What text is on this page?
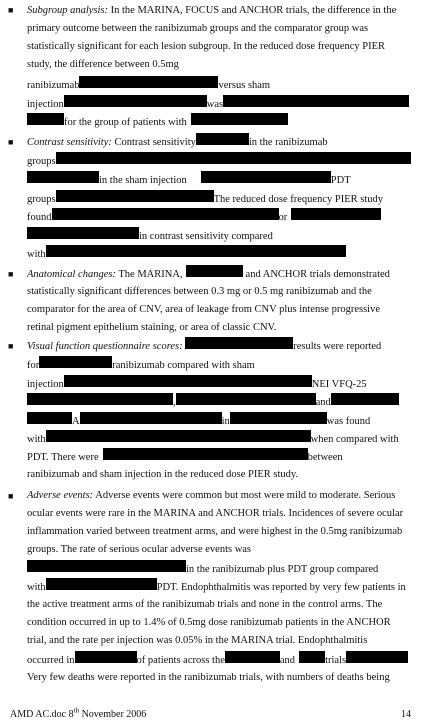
■ Subgroup analysis: In the MARINA, FOCUS and ANCHOR trials, the difference in the
primary outcome between the ranibizumab groups and the comparator group was
statistically significant for each lesion subgroup. In the reduced dose frequency PIER
study, the difference between 0.5mg
ranibizumab	versus sham
injection	was
for the group of patients with
■ Contrast sensitivity: Contrast sensitivity	in the ranibizumab
groups
in the sham injection	PDT
groups	The reduced dose frequency PIER study
found	or
in contrast sensitivity compared
with
■ Anatomical changes: The MARINA,	and ANCHOR trials demonstrated
statistically significant differences between 0.3 mg or 0.5 mg ranibizumab and the
comparator for the area of CNV, area of leakage from CNV plus intense progressive
retinal pigment epithelium staining, or area of classic CNV.
■ Visual function questionnaire scores:	results were reported
for	ranibizumab compared with sham
injection	NEI VFQ-25
,	and
A	in	was found
with	when compared with
PDT. There were	between
ranibizumab and sham injection in the reduced dose PIER study.
■ Adverse events: Adverse events were common but most were mild to moderate. Serious
ocular events were rare in the MARINA and ANCHOR trials. Incidences of severe ocular
inflammation varied between treatment arms, and were highest in the 0.5mg ranibizumab
groups. The rate of serious ocular adverse events was
in the ranibizumab plus PDT group compared
with	PDT. Endophthalmitis was reported by very few patients in
the active treatment arms of the ranibizumab trials and none in the control arms. The
condition occurred in up to 1.4% of 0.5mg dose ranibizumab patients in the ANCHOR
trial, and the rate per injection was 0.05% in the MARINA trial. Endophthalmitis
occurred in	of patients across the	and	trials
Very few deaths were reported in the ranibizumab trials, with numbers of deaths being
AMD AC.doc 8th November 2006	14
